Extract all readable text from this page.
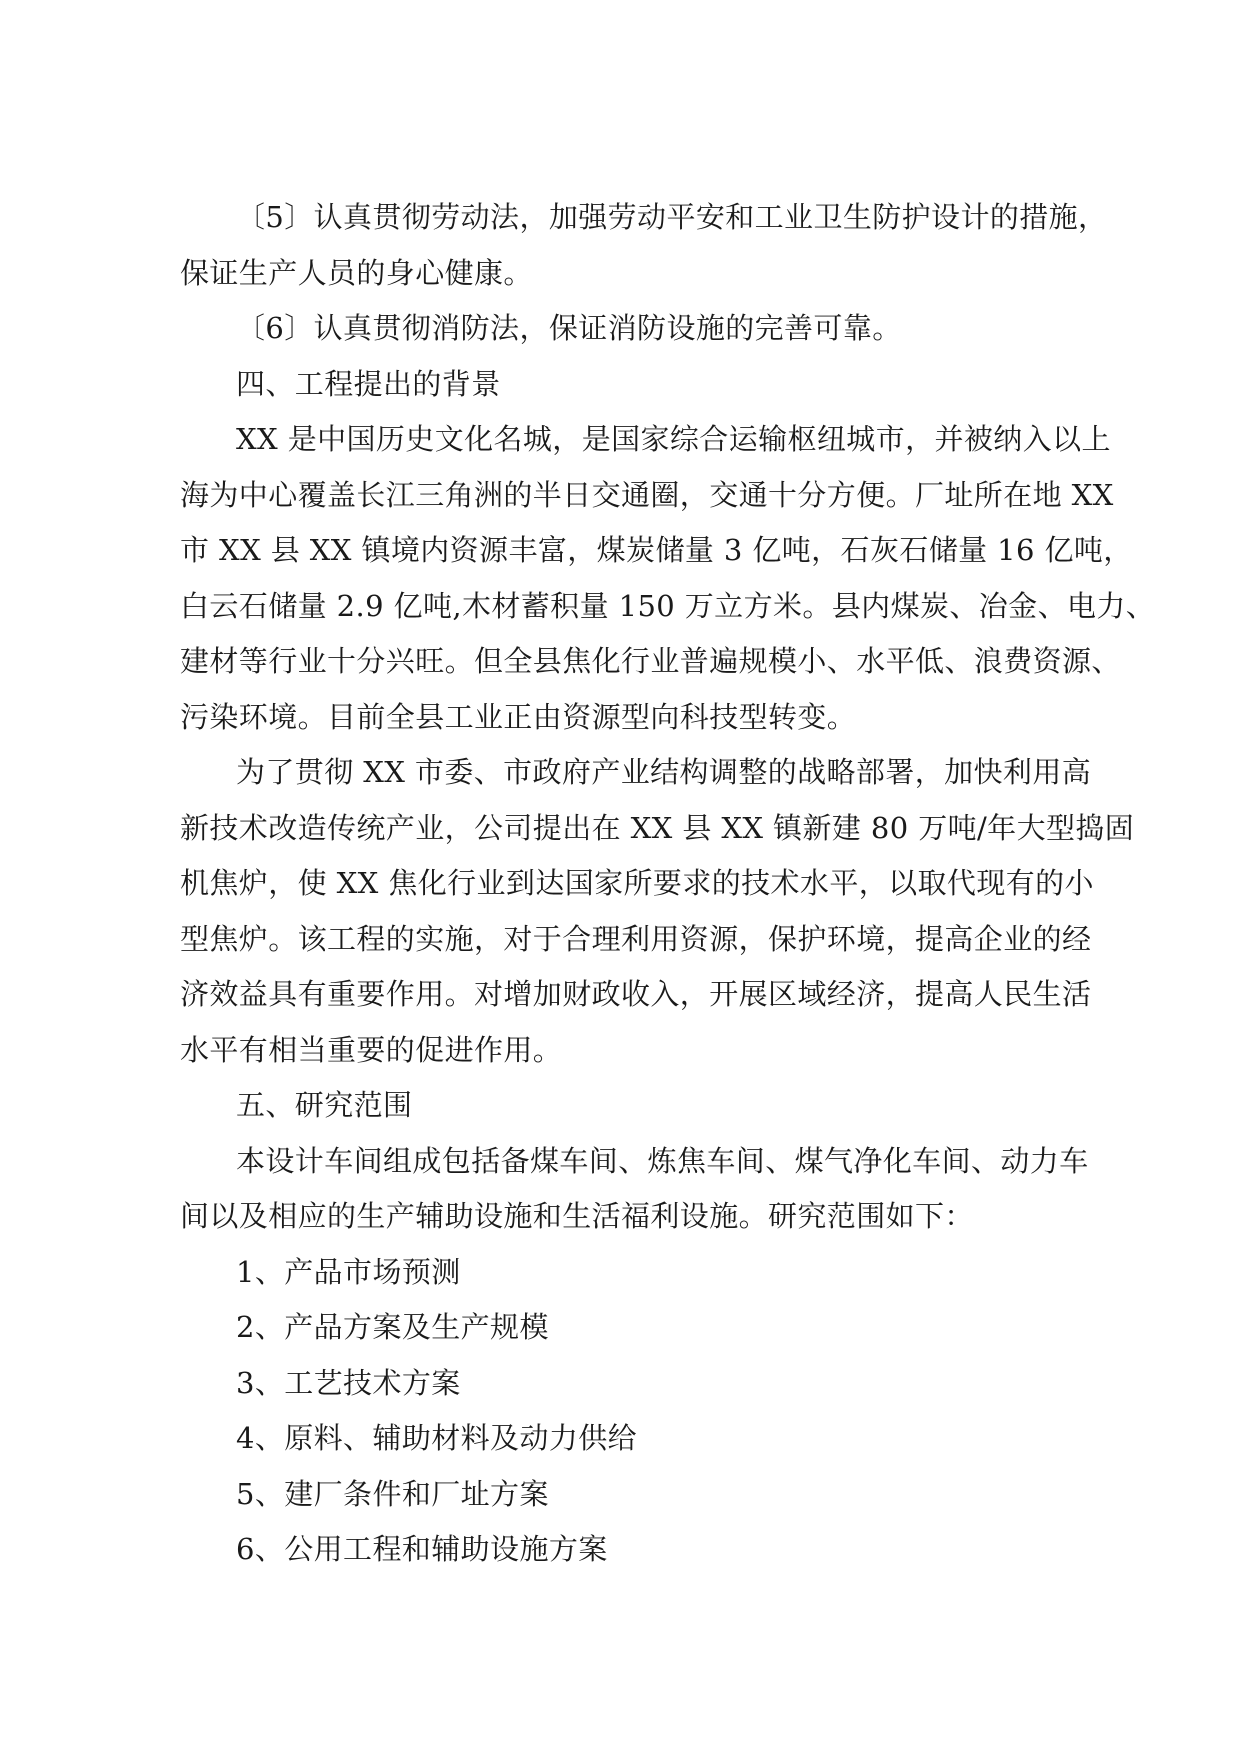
〔5〕认真贯彻劳动法，加强劳动平安和工业卫生防护设计的措施，
保证生产人员的身心健康。
〔6〕认真贯彻消防法，保证消防设施的完善可靠。
四、工程提出的背景
XX 是中国历史文化名城，是国家综合运输枢纽城市，并被纳入以上
海为中心覆盖长江三角洲的半日交通圈，交通十分方便。厂址所在地 XX
市 XX 县 XX 镇境内资源丰富，煤炭储量 3 亿吨，石灰石储量 16 亿吨，
白云石储量 2.9 亿吨,木材蓄积量 150 万立方米。县内煤炭、冶金、电力、
建材等行业十分兴旺。但全县焦化行业普遍规模小、水平低、浪费资源、
污染环境。目前全县工业正由资源型向科技型转变。
为了贯彻 XX 市委、市政府产业结构调整的战略部署，加快利用高
新技术改造传统产业，公司提出在 XX 县 XX 镇新建 80 万吨/年大型捣固
机焦炉，使 XX 焦化行业到达国家所要求的技术水平，以取代现有的小
型焦炉。该工程的实施，对于合理利用资源，保护环境，提高企业的经
济效益具有重要作用。对增加财政收入，开展区域经济，提高人民生活
水平有相当重要的促进作用。
五、研究范围
本设计车间组成包括备煤车间、炼焦车间、煤气净化车间、动力车
间以及相应的生产辅助设施和生活福利设施。研究范围如下：
1、产品市场预测
2、产品方案及生产规模
3、工艺技术方案
4、原料、辅助材料及动力供给
5、建厂条件和厂址方案
6、公用工程和辅助设施方案
